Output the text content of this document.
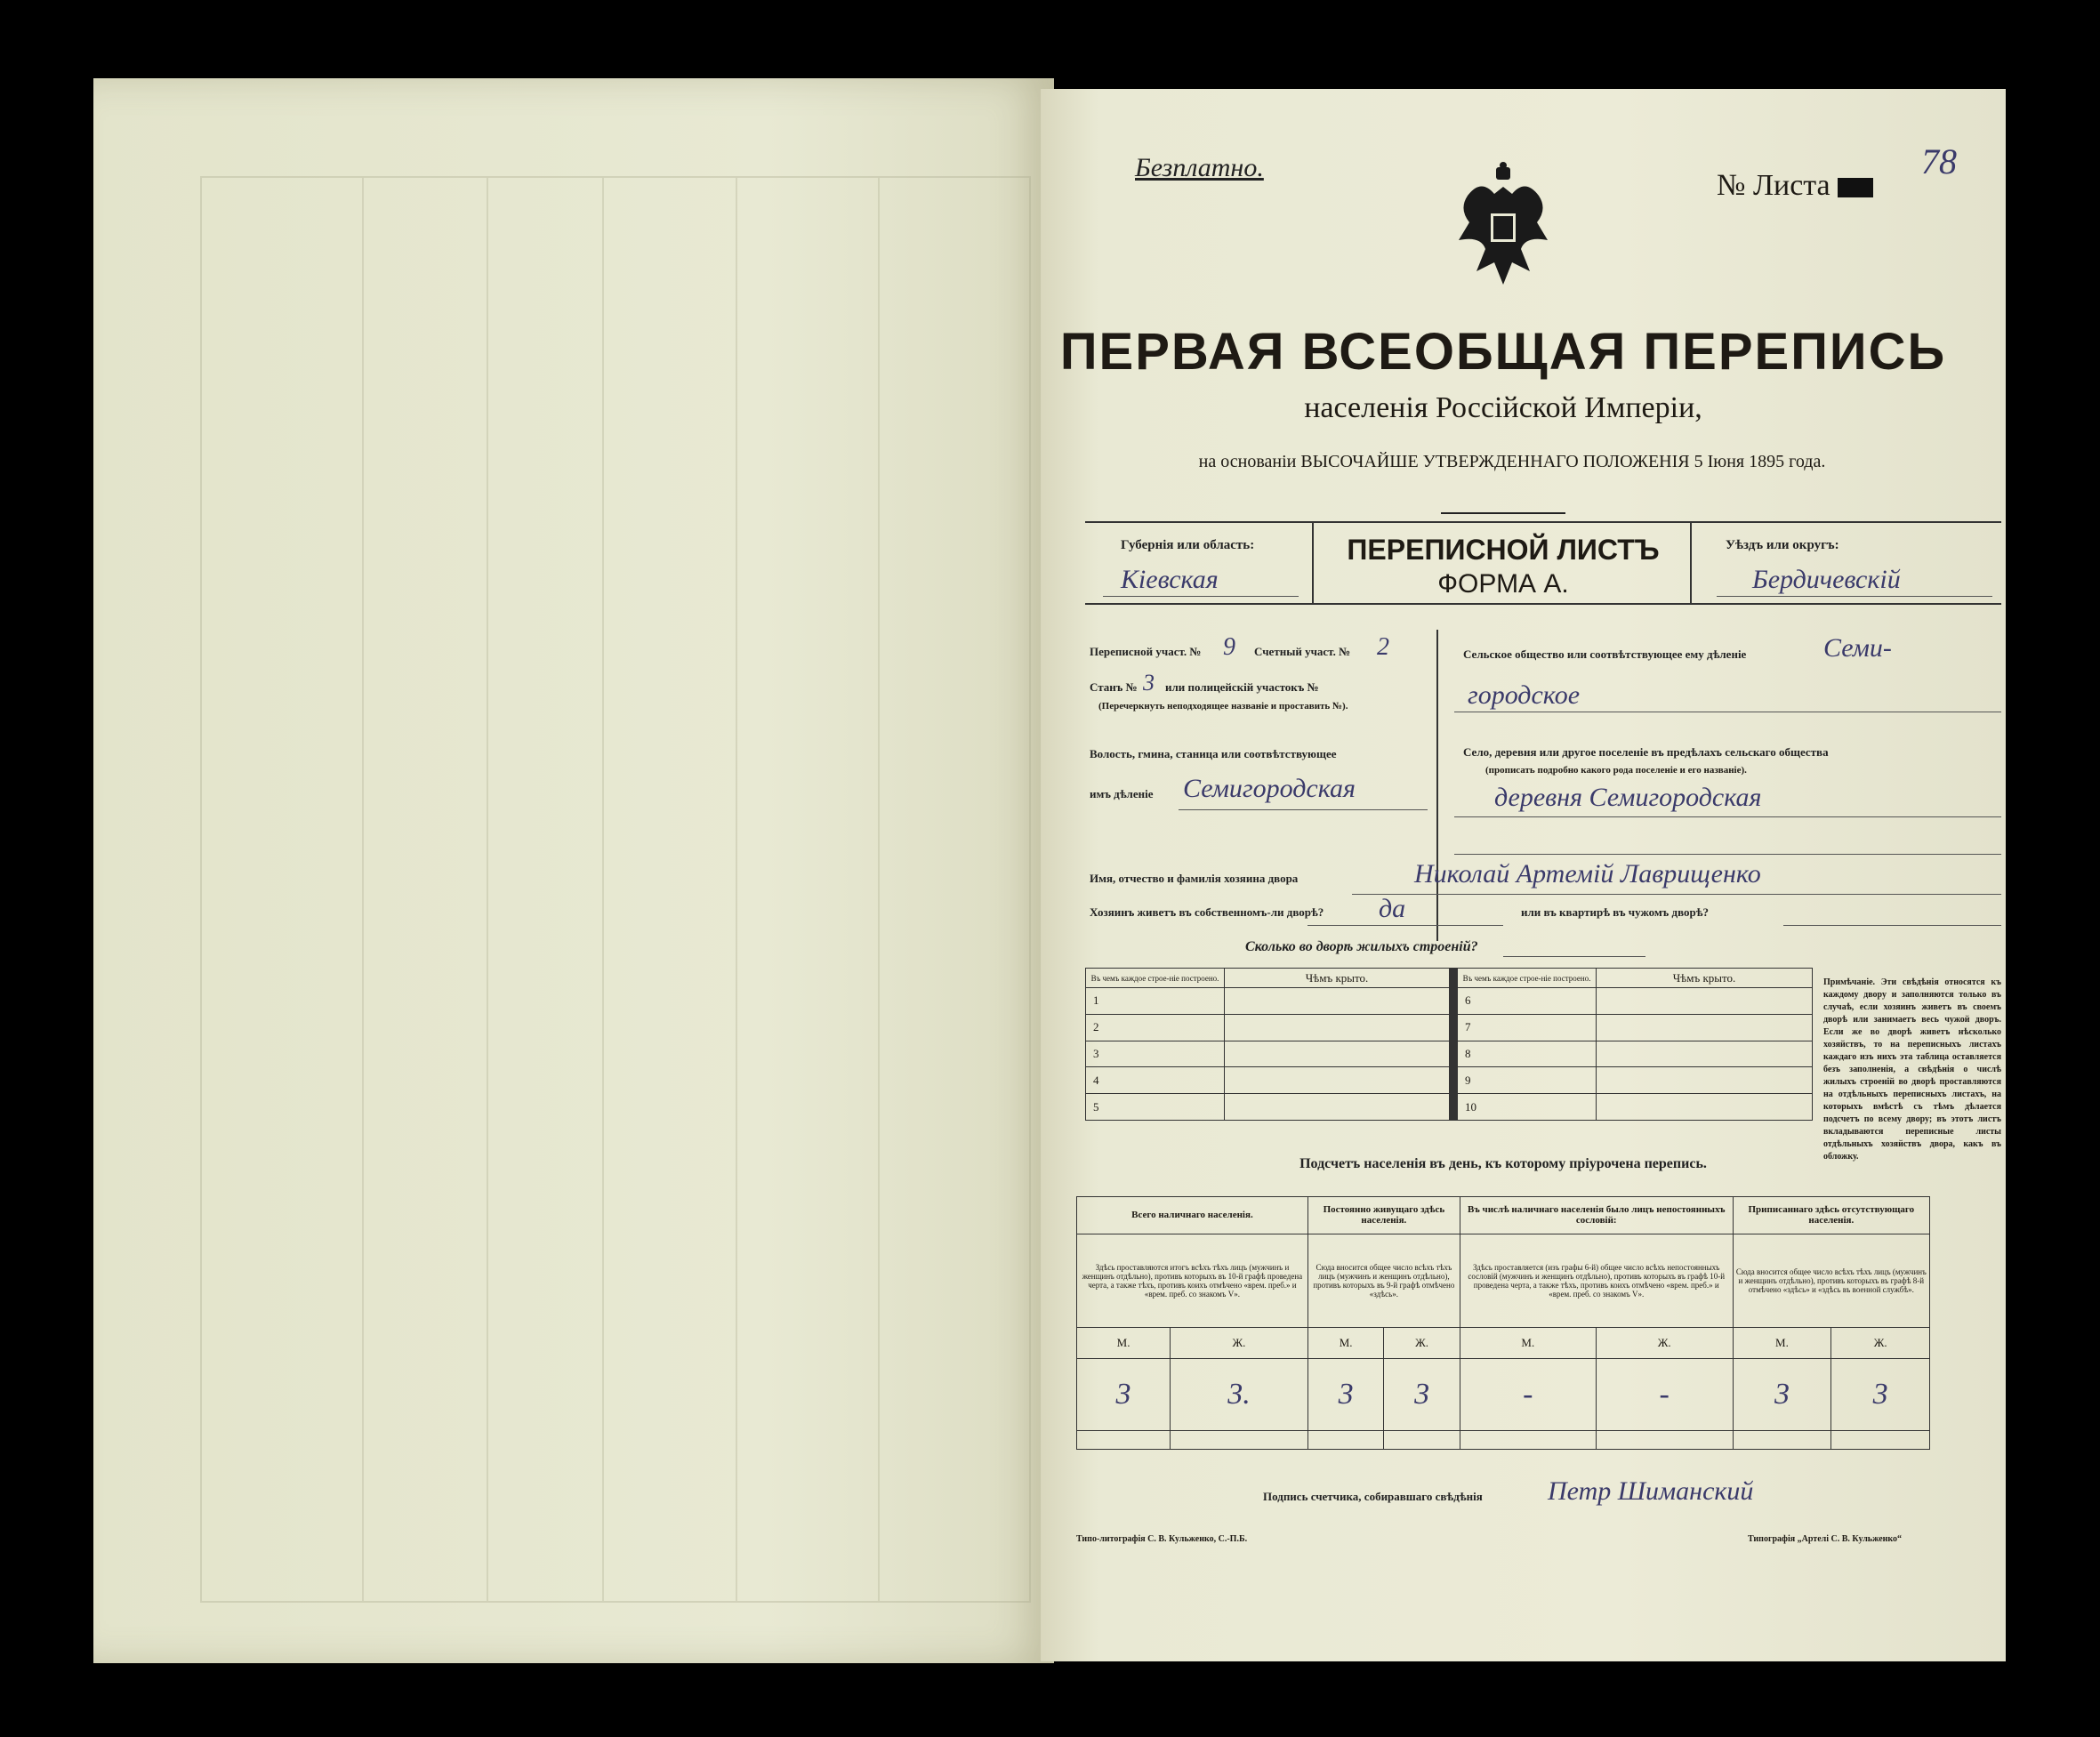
Безплатно.
№ Листа
78
ПЕРВАЯ ВСЕОБЩАЯ ПЕРЕПИСЬ
населенія Россійской Имперіи,
на основаніи ВЫСОЧАЙШЕ УТВЕРЖДЕННАГО ПОЛОЖЕНІЯ 5 Іюня 1895 года.
Губернія или область:
Кіевская
ПЕРЕПИСНОЙ ЛИСТЪ
ФОРМА А.
Уѣздъ или округъ:
Бердичевскій
Переписной участ. № 9 Счетный участ. № 2
Станъ № 3 или полицейскій участокъ №
(Перечеркнуть неподходящее названіе и проставить №).
Волость, гмина, станица или соотвѣтствующее
имъ дѣленіе Семигородская
Сельское общество или соотвѣтствующее ему дѣленіе	Семи-
городское
Село, деревня или другое поселеніе въ предѣлахъ сельскаго общества
(прописать подробно какого рода поселеніе и его названіе).
деревня Семигородская
Имя, отчество и фамилія хозяина двора	Николай Артемій Лаврищенко
Хозяинъ живетъ въ собственномъ-ли дворѣ? да	или въ квартирѣ въ чужомъ дворѣ?
Сколько во дворѣ жилыхъ строеній?
Въ чемъ каждое строе-ніе построено.	Чѣмъ крыто.
1	
2	
3	
4	
5	
Въ чемъ каждое строе-ніе построено.	Чѣмъ крыто.
6	
7	
8	
9	
10	
Примѣчаніе. Эти свѣдѣнія относятся къ каждому двору и заполняются только въ случаѣ, если хозяинъ живетъ въ своемъ дворѣ или занимаетъ весь чужой дворъ. Если же во дворѣ живетъ нѣсколько хозяйствъ, то на переписныхъ листахъ каждаго изъ нихъ эта таблица оставляется безъ заполненія, а свѣдѣнія о числѣ жилыхъ строеній во дворѣ проставляются на отдѣльныхъ переписныхъ листахъ, на которыхъ вмѣстѣ съ тѣмъ дѣлается подсчетъ по всему двору; въ этотъ листъ вкладываются переписные листы отдѣльныхъ хозяйствъ двора, какъ въ обложку.
Подсчетъ населенія въ день, къ которому пріурочена перепись.
Всего наличнаго населенія.		Постоянно живущаго здѣсь населенія.		Въ числѣ наличнаго населенія было лицъ непостоянныхъ сословій:		Приписаннаго здѣсь отсутствующаго населенія.	
Здѣсь проставляются итогъ всѣхъ тѣхъ лицъ (мужчинъ и женщинъ отдѣльно), противъ которыхъ въ 10-й графѣ проведена черта, а также тѣхъ, противъ коихъ отмѣчено «врем. преб.» и «врем. преб. со знакомъ V».		Сюда вносится общее число всѣхъ тѣхъ лицъ (мужчинъ и женщинъ отдѣльно), противъ которыхъ въ 9-й графѣ отмѣчено «здѣсь».		Здѣсь проставляется (изъ графы 6-й) общее число всѣхъ непостоянныхъ сословій (мужчинъ и женщинъ отдѣльно), противъ которыхъ въ графѣ 10-й проведена черта, а также тѣхъ, противъ коихъ отмѣчено «врем. преб.» и «врем. преб. со знакомъ V».		Сюда вносится общее число всѣхъ тѣхъ лицъ (мужчинъ и женщинъ отдѣльно), противъ которыхъ въ графѣ 8-й отмѣчено «здѣсь» и «здѣсь въ военной службѣ».	
М.	Ж.	М.	Ж.	М.	Ж.	М.	Ж.
3	3.	3	3	-	-	3	3

Подпись счетчика, собиравшаго свѣдѣнія Петр Шиманский
Типо-литографія С. В. Кульженко, С.-П.Б.	Типографія „Артелі С. В. Кульженко“
